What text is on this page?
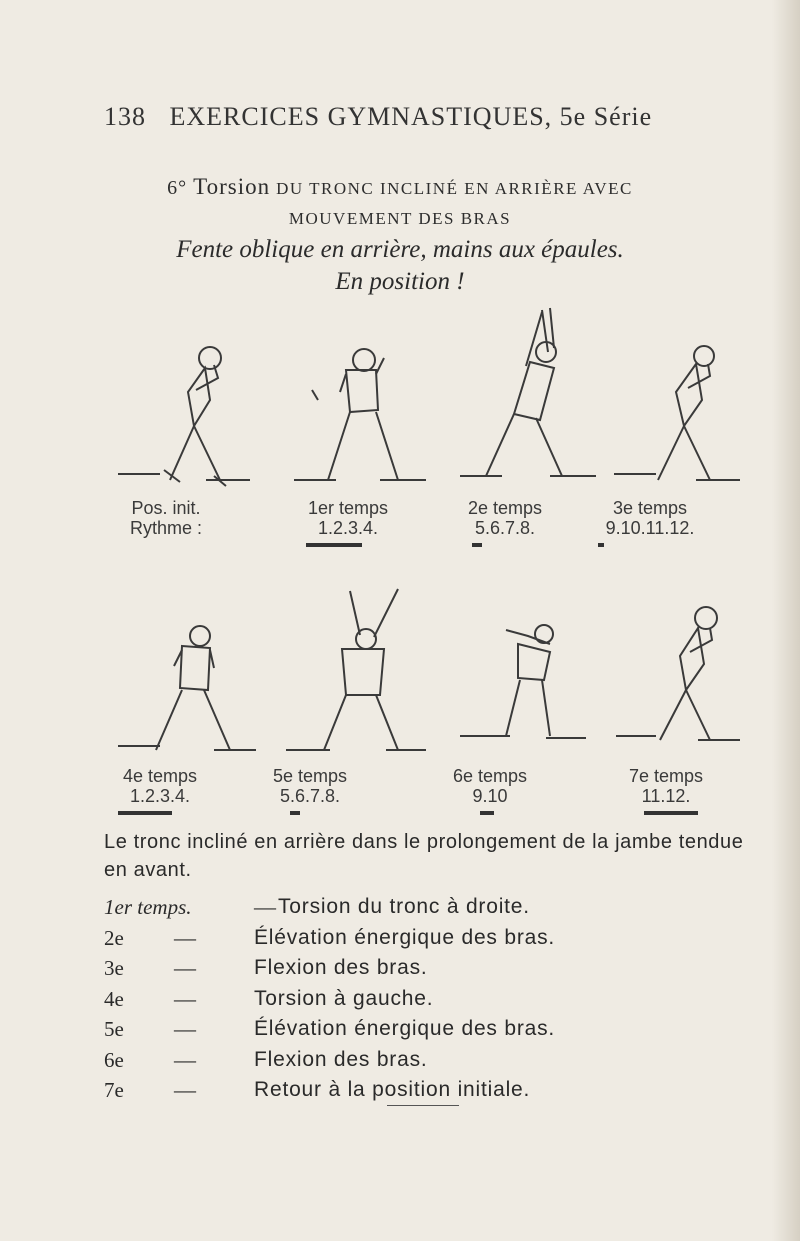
138 EXERCICES GYMNASTIQUES, 5e Série
6° Torsion DU TRONC INCLINÉ EN ARRIÈRE AVEC
MOUVEMENT DES BRAS
Fente oblique en arrière, mains aux épaules.
En position !
Pos. init.
Rythme :
1er temps
1.2.3.4.
2e temps
5.6.7.8.
3e temps
9.10.11.12.
4e temps
1.2.3.4.
5e temps
5.6.7.8.
6e temps
9.10
7e temps
11.12.
Le tronc incliné en arrière dans le prolongement de la jambe tendue en avant.
1er temps.	— Torsion du tronc à droite.
2e	—	Élévation énergique des bras.
3e	—	Flexion des bras.
4e	—	Torsion à gauche.
5e	—	Élévation énergique des bras.
6e	—	Flexion des bras.
7e	—	Retour à la position initiale.
